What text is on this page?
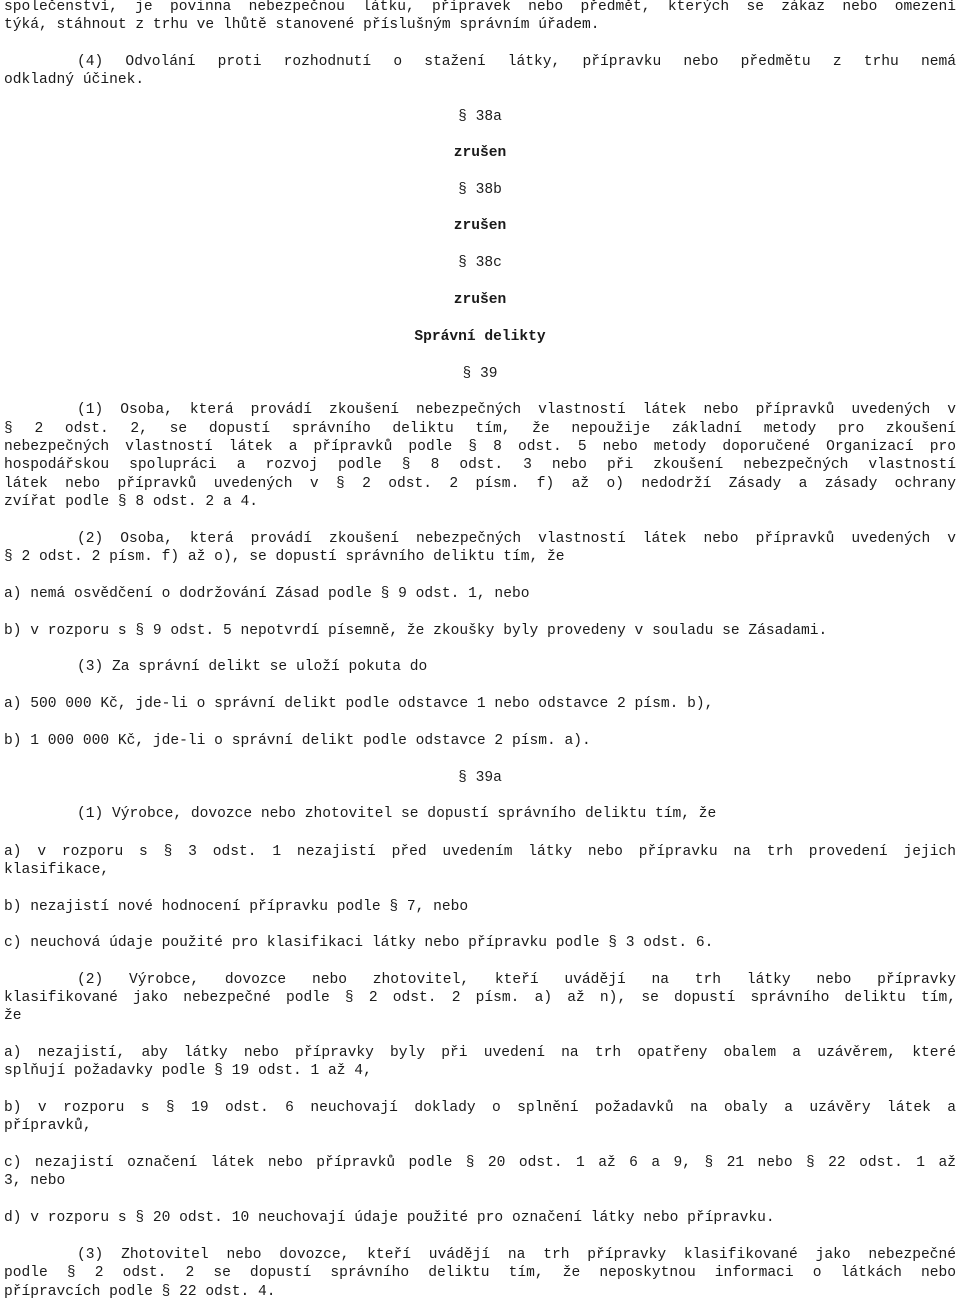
společenství, je povinna nebezpečnou látku, přípravek nebo předmět, kterých se zákaz nebo omezení
týká, stáhnout z trhu ve lhůtě stanovené příslušným správním úřadem.
(4) Odvolání proti rozhodnutí o stažení látky, přípravku nebo předmětu z trhu nemá
odkladný účinek.
§ 38a
zrušen
§ 38b
zrušen
§ 38c
zrušen
Správní delikty
§ 39
(1) Osoba, která provádí zkoušení nebezpečných vlastností látek nebo přípravků uvedených v
§ 2 odst. 2, se dopustí správního deliktu tím, že nepoužije základní metody pro zkoušení
nebezpečných vlastností látek a přípravků podle § 8 odst. 5 nebo metody doporučené Organizací pro
hospodářskou spolupráci a rozvoj podle § 8 odst. 3 nebo při zkoušení nebezpečných vlastností
látek nebo přípravků uvedených v § 2 odst. 2 písm. f) až o) nedodrží Zásady a zásady ochrany
zvířat podle § 8 odst. 2 a 4.
(2) Osoba, která provádí zkoušení nebezpečných vlastností látek nebo přípravků uvedených v
§ 2 odst. 2 písm. f) až o), se dopustí správního deliktu tím, že
a) nemá osvědčení o dodržování Zásad podle § 9 odst. 1, nebo
b) v rozporu s § 9 odst. 5 nepotvrdí písemně, že zkoušky byly provedeny v souladu se Zásadami.
(3) Za správní delikt se uloží pokuta do
a) 500 000 Kč, jde-li o správní delikt podle odstavce 1 nebo odstavce 2 písm. b),
b) 1 000 000 Kč, jde-li o správní delikt podle odstavce 2 písm. a).
§ 39a
(1) Výrobce, dovozce nebo zhotovitel se dopustí správního deliktu tím, že
a) v rozporu s § 3 odst. 1 nezajistí před uvedením látky nebo přípravku na trh provedení jejich
klasifikace,
b) nezajistí nové hodnocení přípravku podle § 7, nebo
c) neuchová údaje použité pro klasifikaci látky nebo přípravku podle § 3 odst. 6.
(2) Výrobce, dovozce nebo zhotovitel, kteří uvádějí na trh látky nebo přípravky
klasifikované jako nebezpečné podle § 2 odst. 2 písm. a) až n), se dopustí správního deliktu tím,
že
a) nezajistí, aby látky nebo přípravky byly při uvedení na trh opatřeny obalem a uzávěrem, které
splňují požadavky podle § 19 odst. 1 až 4,
b) v rozporu s § 19 odst. 6 neuchovají doklady o splnění požadavků na obaly a uzávěry látek a
přípravků,
c) nezajistí označení látek nebo přípravků podle § 20 odst. 1 až 6 a 9, § 21 nebo § 22 odst. 1 až
3, nebo
d) v rozporu s § 20 odst. 10 neuchovají údaje použité pro označení látky nebo přípravku.
(3) Zhotovitel nebo dovozce, kteří uvádějí na trh přípravky klasifikované jako nebezpečné
podle § 2 odst. 2 se dopustí správního deliktu tím, že neposkytnou informaci o látkách nebo
přípravcích podle § 22 odst. 4.
